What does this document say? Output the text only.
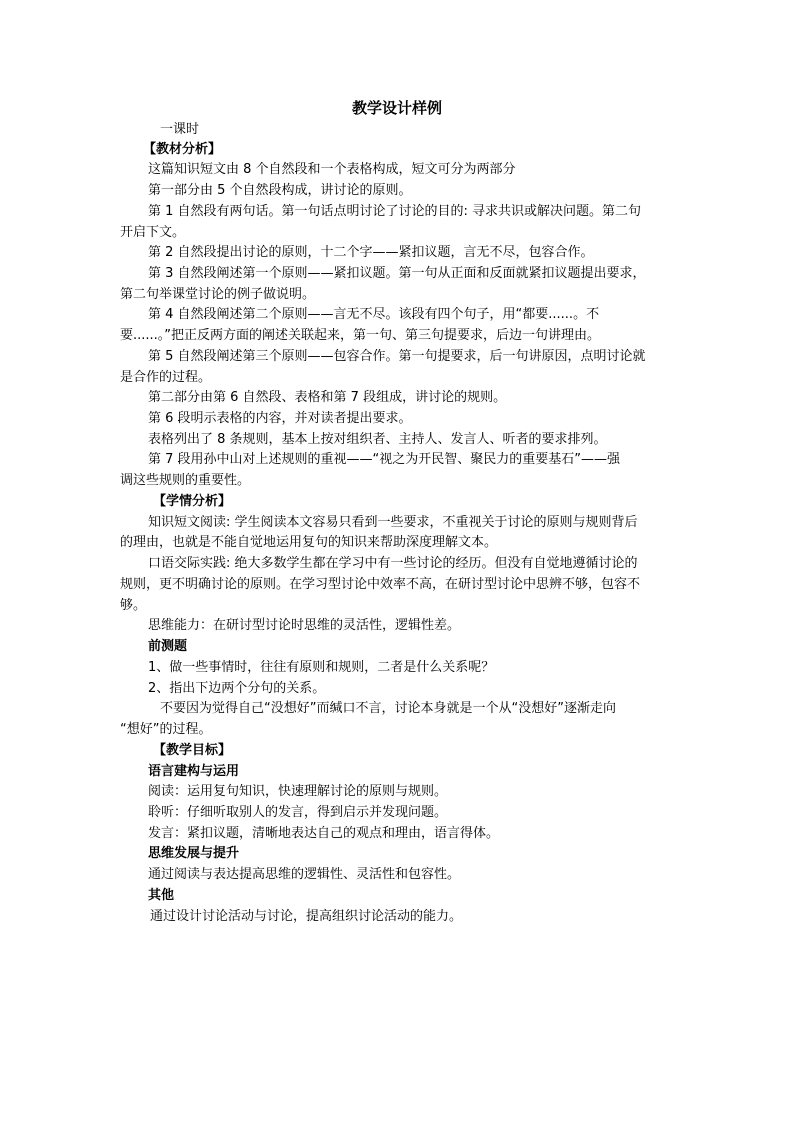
教学设计样例
一课时
【教材分析】
这篇知识短文由 8 个自然段和一个表格构成，短文可分为两部分
第一部分由 5 个自然段构成，讲讨论的原则。
第 1 自然段有两句话。第一句话点明讨论了讨论的目的: 寻求共识或解决问题。第二句
开启下文。
第 2 自然段提出讨论的原则，十二个字——紧扣议题，言无不尽，包容合作。
第 3 自然段阐述第一个原则——紧扣议题。第一句从正面和反面就紧扣议题提出要求，
第二句举课堂讨论的例子做说明。
第 4 自然段阐述第二个原则——言无不尽。该段有四个句子，用“都要......。不
要......。”把正反两方面的阐述关联起来，第一句、第三句提要求，后边一句讲理由。
第 5 自然段阐述第三个原则——包容合作。第一句提要求，后一句讲原因，点明讨论就
是合作的过程。
第二部分由第 6 自然段、表格和第 7 段组成，讲讨论的规则。
第 6 段明示表格的内容，并对读者提出要求。
表格列出了 8 条规则，基本上按对组织者、主持人、发言人、听者的要求排列。
第 7 段用孙中山对上述规则的重视——“视之为开民智、聚民力的重要基石”——强
调这些规则的重要性。
【学情分析】
知识短文阅读: 学生阅读本文容易只看到一些要求，不重视关于讨论的原则与规则背后
的理由，也就是不能自觉地运用复句的知识来帮助深度理解文本。
口语交际实践: 绝大多数学生都在学习中有一些讨论的经历。但没有自觉地遵循讨论的
规则，更不明确讨论的原则。在学习型讨论中效率不高，在研讨型讨论中思辨不够，包容不
够。
思维能力：在研讨型讨论时思维的灵活性，逻辑性差。
前测题
1、做一些事情时，往往有原则和规则，二者是什么关系呢？
2、指出下边两个分句的关系。
不要因为觉得自己“没想好”而缄口不言，讨论本身就是一个从“没想好”逐渐走向
“想好”的过程。
【教学目标】
语言建构与运用
阅读：运用复句知识，快速理解讨论的原则与规则。
聆听：仔细听取别人的发言，得到启示并发现问题。
发言：紧扣议题，清晰地表达自己的观点和理由，语言得体。
思维发展与提升
通过阅读与表达提高思维的逻辑性、灵活性和包容性。
其他
通过设计讨论活动与讨论，提高组织讨论活动的能力。
